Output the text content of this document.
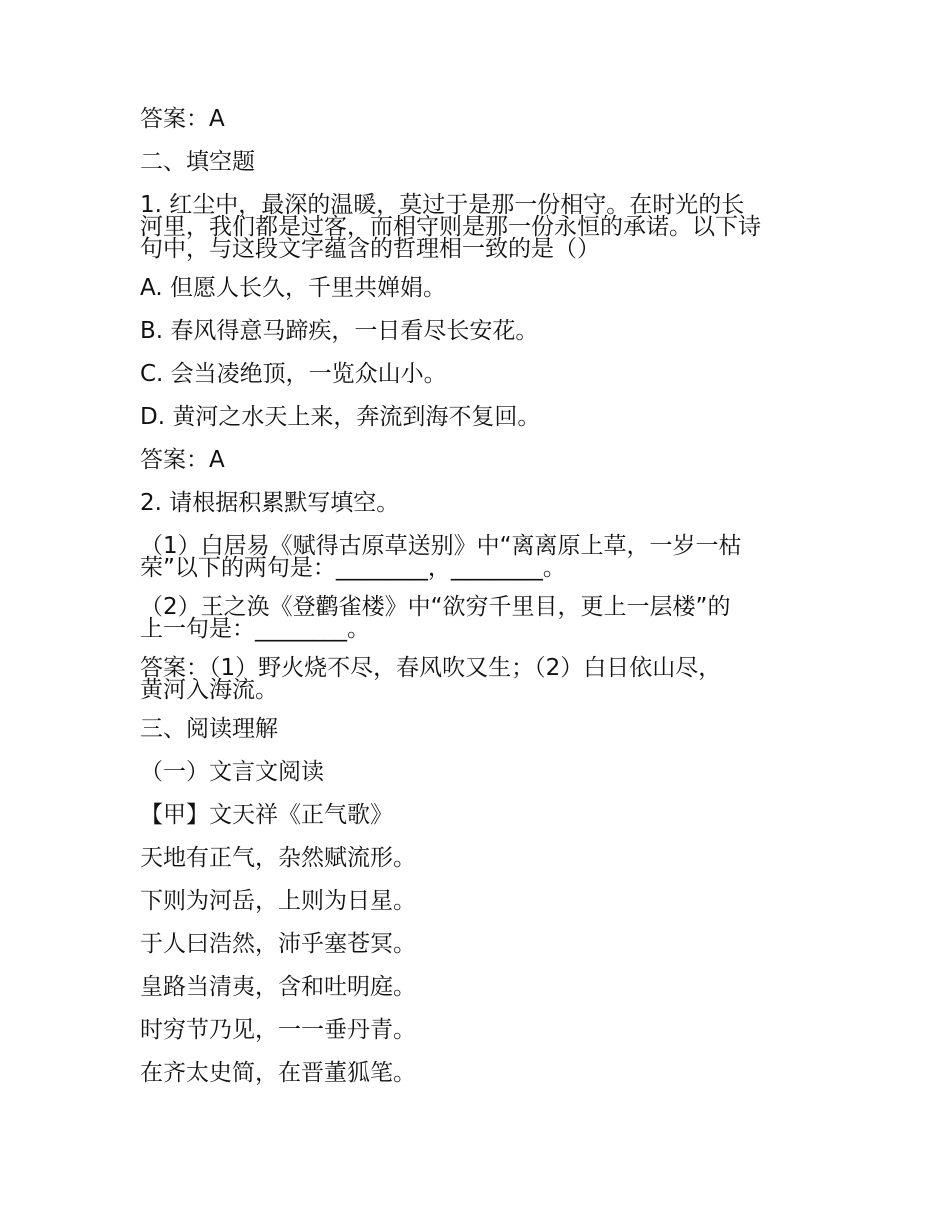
答案：A
二、填空题
1. 红尘中，最深的温暖，莫过于是那一份相守。在时光的长
河里，我们都是过客，而相守则是那一份永恒的承诺。以下诗
句中，与这段文字蕴含的哲理相一致的是（）
A. 但愿人长久，千里共婵娟。
B. 春风得意马蹄疾，一日看尽长安花。
C. 会当凌绝顶，一览众山小。
D. 黄河之水天上来，奔流到海不复回。
答案：A
2. 请根据积累默写填空。
（1）白居易《赋得古原草送别》中“离离原上草，一岁一枯
荣”以下的两句是：________，________。
（2）王之涣《登鹳雀楼》中“欲穷千里目，更上一层楼”的
上一句是：________。
答案：（1）野火烧不尽，春风吹又生；（2）白日依山尽，
黄河入海流。
三、阅读理解
（一）文言文阅读
【甲】文天祥《正气歌》
天地有正气，杂然赋流形。
下则为河岳，上则为日星。
于人曰浩然，沛乎塞苍冥。
皇路当清夷，含和吐明庭。
时穷节乃见，一一垂丹青。
在齐太史简，在晋董狐笔。
